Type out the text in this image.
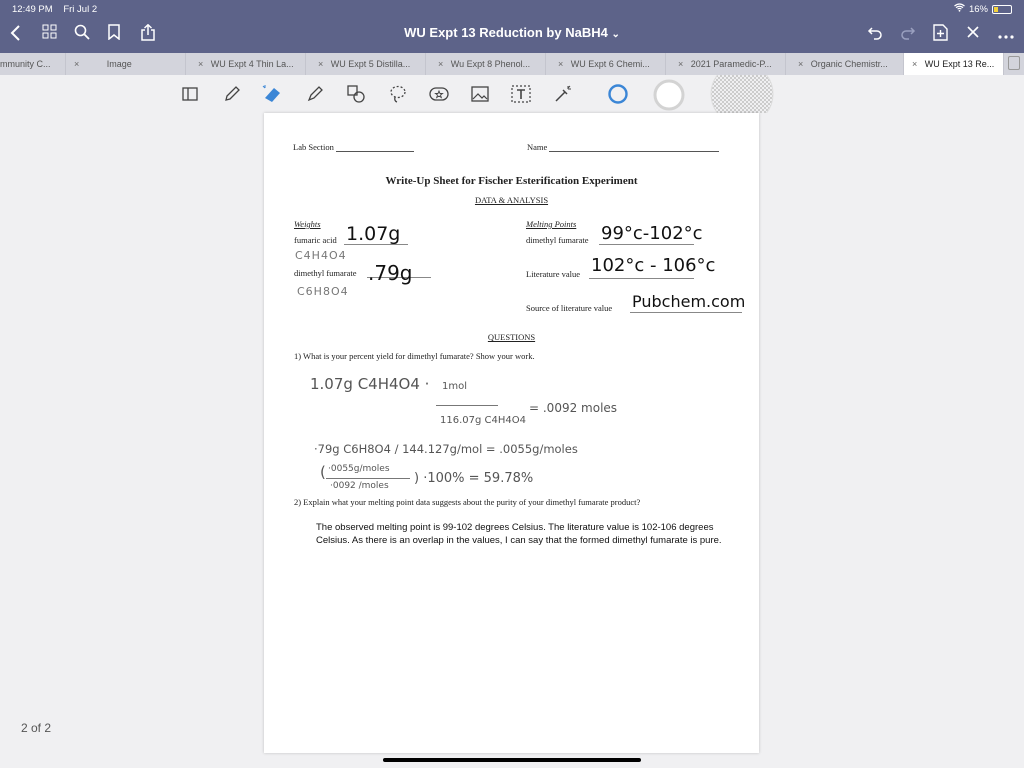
12:49 PM Fri Jul 2	16%
WU Expt 13 Reduction by NaBH4 ⌄
mmunity C...	×	Image	× WU Expt 4 Thin La...	× WU Expt 5 Distilla...	× Wu Expt 8 Phenol...	× WU Expt 6 Chemi...	× 2021 Paramedic-P...	× Organic Chemistr...	× WU Expt 13 Re...
Lab Section	Name
Write-Up Sheet for Fischer Esterification Experiment
DATA & ANALYSIS
Weights
fumaric acid 1.07g
C4H4O4
dimethyl fumarate .79g
C6H8O4
Melting Points
dimethyl fumarate 99°c-102°c
Literature value 102°c - 106°c
Source of literature value Pubchem.com
QUESTIONS
1) What is your percent yield for dimethyl fumarate? Show your work.
1.07g C4H4O4 · 1mol
116.07g C4H4O4
= .0092 moles
·79g C6H8O4 / 144.127g/mol = .0055g/moles
( ·0055g/moles
·0092 /moles ) ·100% = 59.78%
2) Explain what your melting point data suggests about the purity of your dimethyl fumarate product?
The observed melting point is 99-102 degrees Celsius. The literature value is 102-106 degrees Celsius. As there is an overlap in the values, I can say that the formed dimethyl fumarate is pure.
2 of 2
